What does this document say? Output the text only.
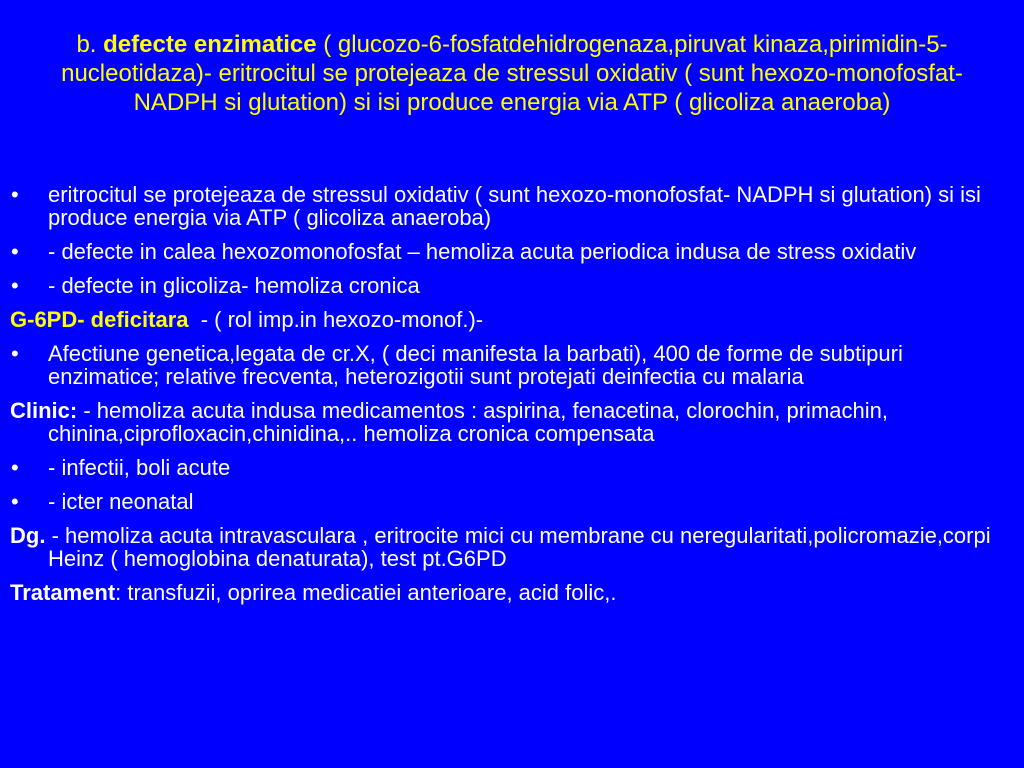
b. defecte enzimatice ( glucozo-6-fosfatdehidrogenaza,piruvat kinaza,pirimidin-5-nucleotidaza)- eritrocitul se protejeaza de stressul oxidativ ( sunt hexozo-monofosfat- NADPH si glutation) si isi produce energia via ATP ( glicoliza anaeroba)
•	eritrocitul se protejeaza de stressul oxidativ ( sunt hexozo-monofosfat- NADPH si glutation) si isi produce energia via ATP ( glicoliza anaeroba)
•	- defecte in calea hexozomonofosfat – hemoliza acuta periodica indusa de stress oxidativ
•	- defecte in glicoliza- hemoliza cronica
G-6PD- deficitara  - ( rol imp.in hexozo-monof.)-
•	Afectiune genetica,legata de cr.X, ( deci manifesta la barbati), 400 de forme de subtipuri enzimatice; relative frecventa, heterozigotii sunt protejati deinfectia cu malaria
Clinic: - hemoliza acuta indusa medicamentos : aspirina, fenacetina, clorochin, primachin, chinina,ciprofloxacin,chinidina,.. hemoliza cronica compensata
•	- infectii, boli acute
•	- icter neonatal
Dg. - hemoliza acuta intravasculara , eritrocite mici cu membrane cu neregularitati,policromazie,corpi Heinz ( hemoglobina denaturata), test pt.G6PD
Tratament: transfuzii, oprirea medicatiei anterioare, acid folic,.
